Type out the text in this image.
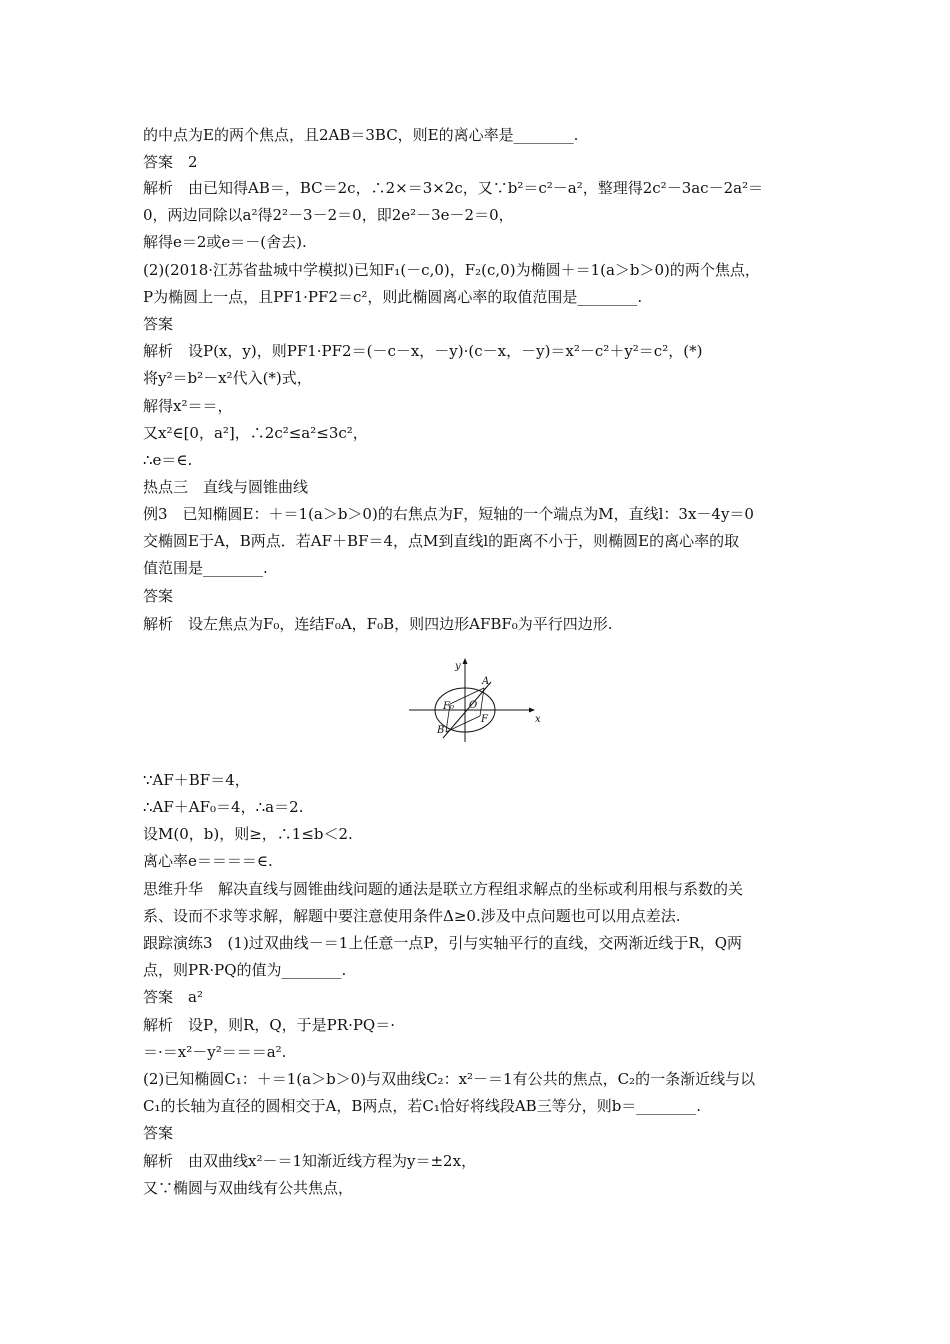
的中点为E的两个焦点，且2AB＝3BC，则E的离心率是________.
答案　2
解析　由已知得AB＝，BC＝2c，∴2×＝3×2c，又∵b²＝c²－a²，整理得2c²－3ac－2a²＝
0，两边同除以a²得2²－3－2＝0，即2e²－3e－2＝0，
解得e＝2或e＝－(舍去).
(2)(2018·江苏省盐城中学模拟)已知F₁(－c,0)，F₂(c,0)为椭圆＋＝1(a＞b＞0)的两个焦点，
P为椭圆上一点，且PF1·PF2＝c²，则此椭圆离心率的取值范围是________.
答案
解析　设P(x，y)，则PF1·PF2＝(－c－x，－y)·(c－x，－y)＝x²－c²＋y²＝c²，(*)
将y²＝b²－x²代入(*)式，
解得x²＝＝，
又x²∈[0，a²]，∴2c²≤a²≤3c²，
∴e＝∈.
热点三　直线与圆锥曲线
例3　已知椭圆E：＋＝1(a＞b＞0)的右焦点为F，短轴的一个端点为M，直线l：3x－4y＝0
交椭圆E于A，B两点．若AF＋BF＝4，点M到直线l的距离不小于，则椭圆E的离心率的取
值范围是________.
答案
解析　设左焦点为F₀，连结F₀A，F₀B，则四边形AFBF₀为平行四边形.
y
x
A
B
O
F
F₀
∵AF＋BF＝4，
∴AF＋AF₀＝4，∴a＝2.
设M(0，b)，则≥，∴1≤b＜2.
离心率e＝＝＝＝∈.
思维升华　解决直线与圆锥曲线问题的通法是联立方程组求解点的坐标或利用根与系数的关
系、设而不求等求解，解题中要注意使用条件Δ≥0.涉及中点问题也可以用点差法.
跟踪演练3　(1)过双曲线－＝1上任意一点P，引与实轴平行的直线，交两渐近线于R，Q两
点，则PR·PQ的值为________.
答案　a²
解析　设P，则R，Q，于是PR·PQ＝·
＝·＝x²－y²＝＝＝a².
(2)已知椭圆C₁：＋＝1(a＞b＞0)与双曲线C₂：x²－＝1有公共的焦点，C₂的一条渐近线与以
C₁的长轴为直径的圆相交于A，B两点，若C₁恰好将线段AB三等分，则b＝________.
答案
解析　由双曲线x²－＝1知渐近线方程为y＝±2x，
又∵椭圆与双曲线有公共焦点，
